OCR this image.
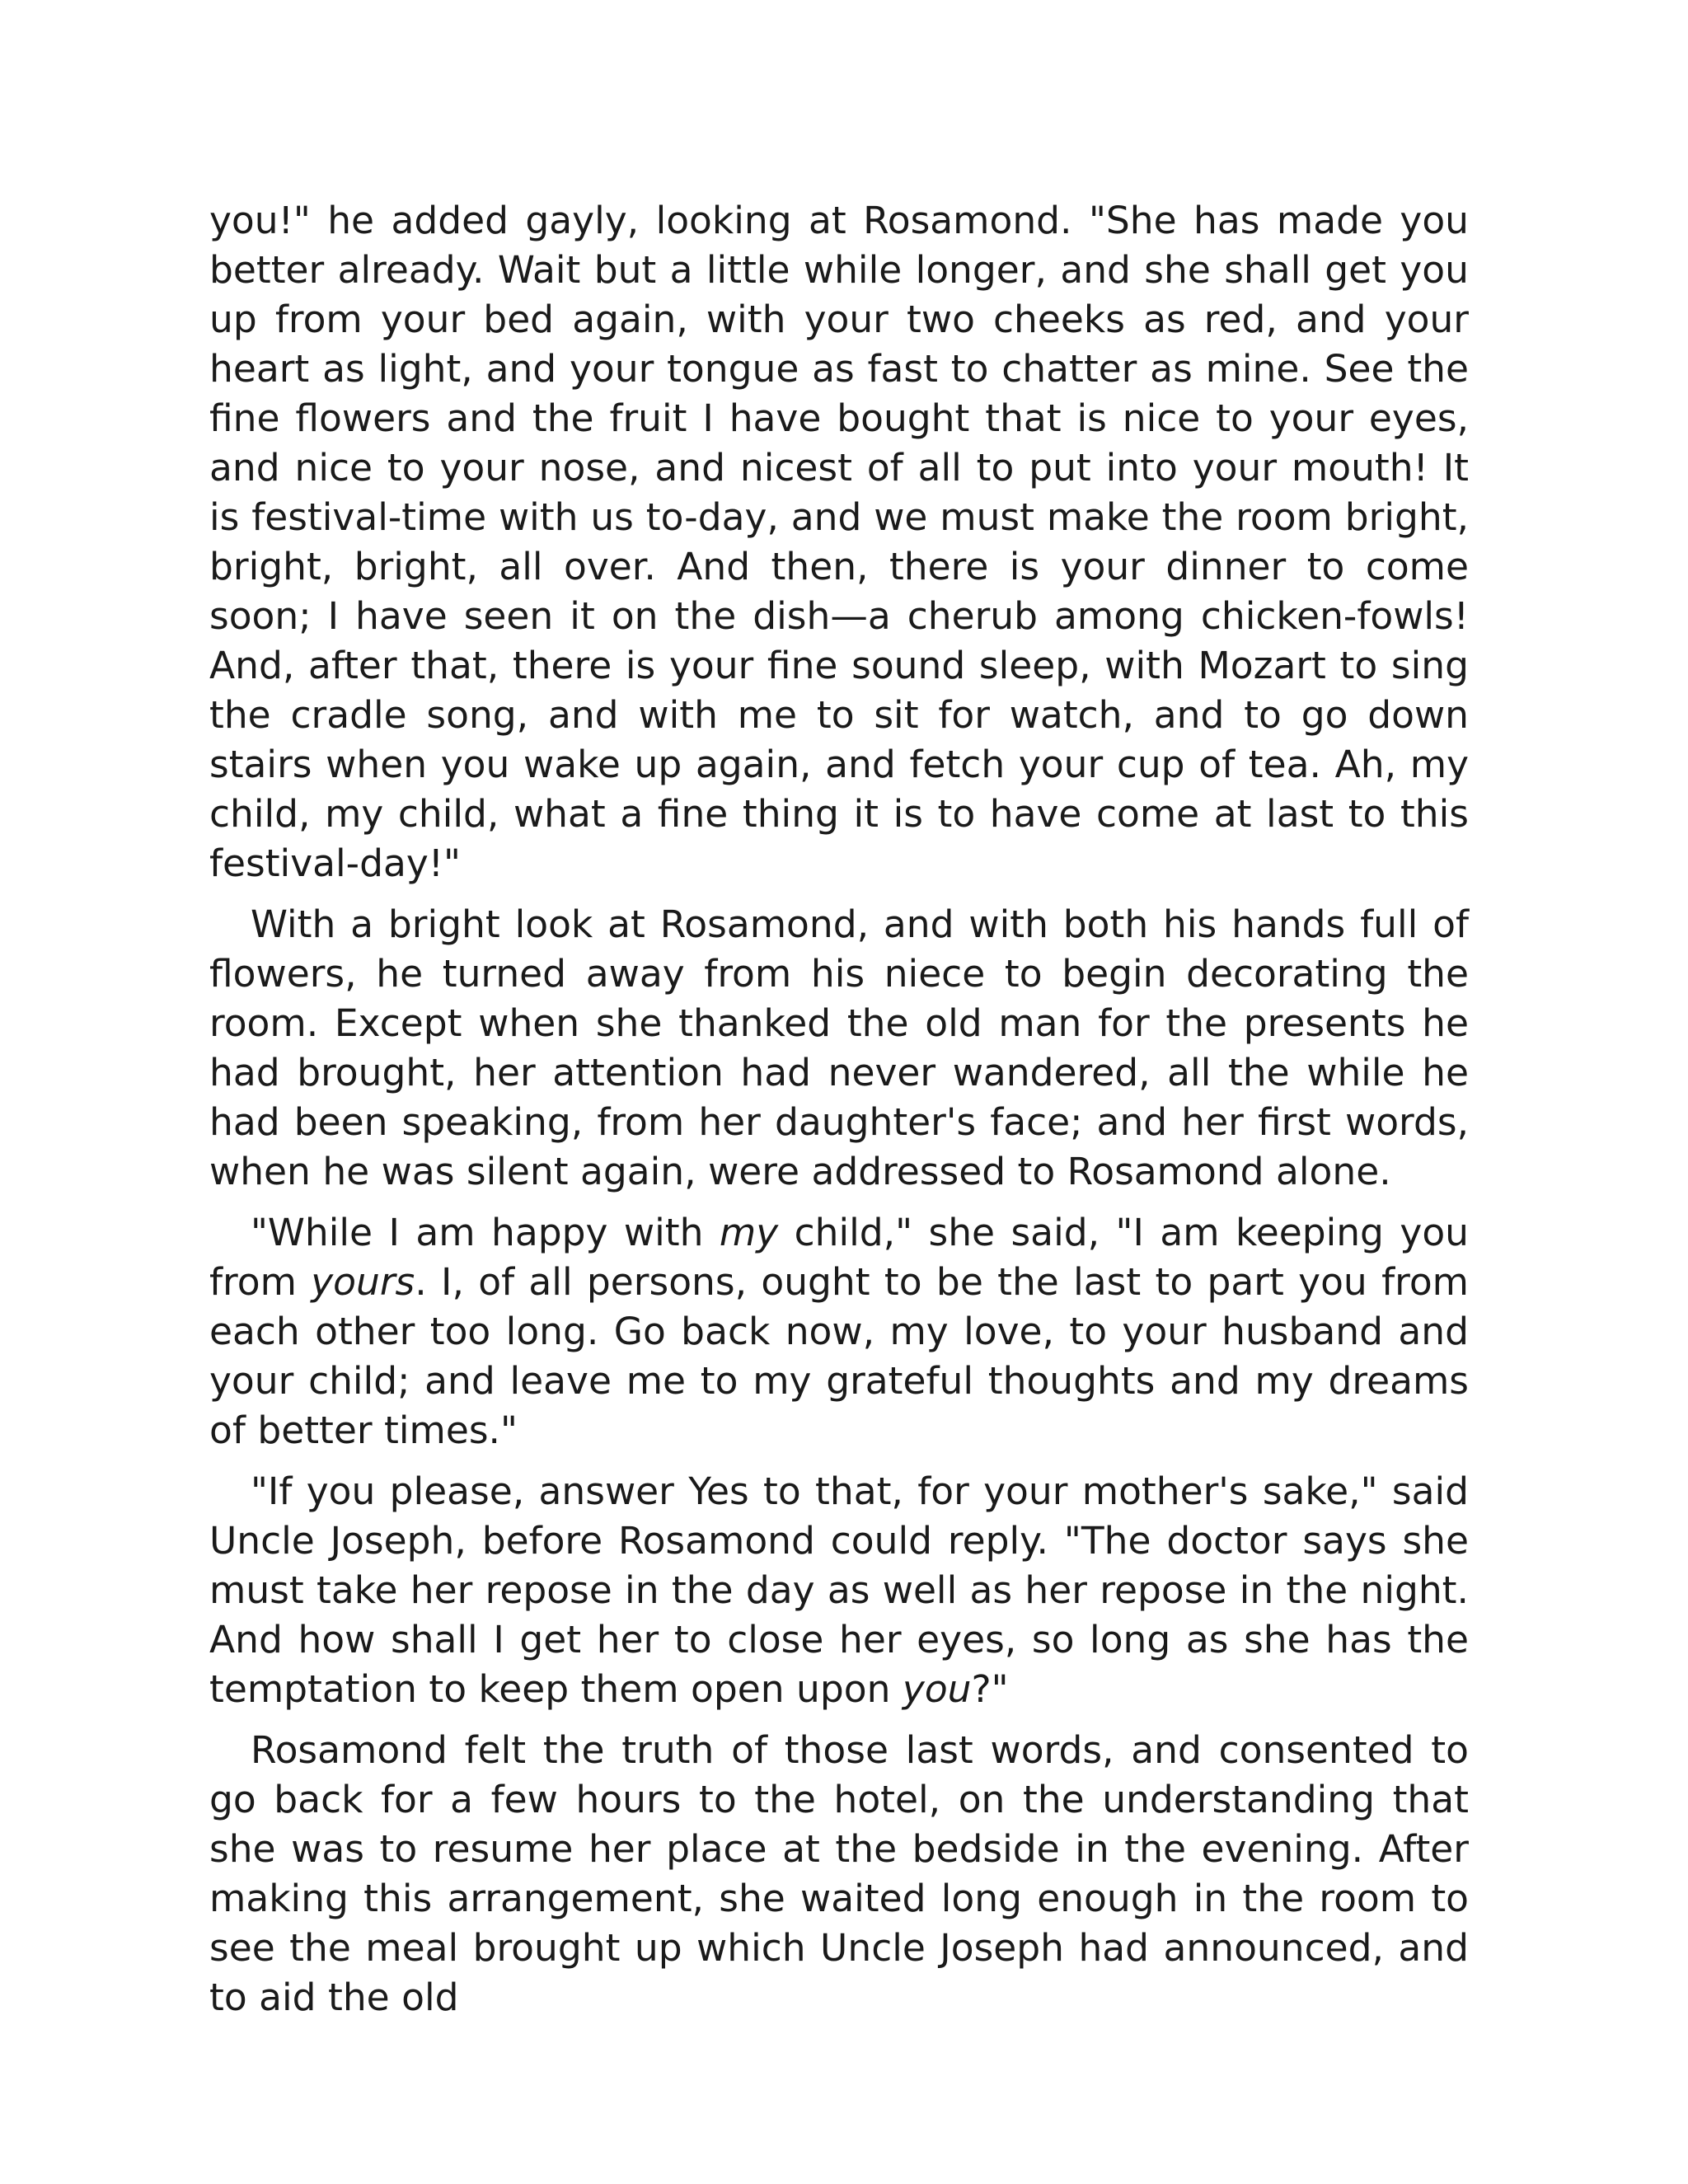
you!" he added gayly, looking at Rosamond. "She has made you better already. Wait but a little while longer, and she shall get you up from your bed again, with your two cheeks as red, and your heart as light, and your tongue as fast to chatter as mine. See the fine flowers and the fruit I have bought that is nice to your eyes, and nice to your nose, and nicest of all to put into your mouth! It is festival-time with us to-day, and we must make the room bright, bright, bright, all over. And then, there is your dinner to come soon; I have seen it on the dish—a cherub among chicken-fowls! And, after that, there is your fine sound sleep, with Mozart to sing the cradle song, and with me to sit for watch, and to go down stairs when you wake up again, and fetch your cup of tea. Ah, my child, my child, what a fine thing it is to have come at last to this festival-day!"

With a bright look at Rosamond, and with both his hands full of flowers, he turned away from his niece to begin decorating the room. Except when she thanked the old man for the presents he had brought, her attention had never wandered, all the while he had been speaking, from her daughter's face; and her first words, when he was silent again, were addressed to Rosamond alone.

"While I am happy with my child," she said, "I am keeping you from yours. I, of all persons, ought to be the last to part you from each other too long. Go back now, my love, to your husband and your child; and leave me to my grateful thoughts and my dreams of better times."

"If you please, answer Yes to that, for your mother's sake," said Uncle Joseph, before Rosamond could reply. "The doctor says she must take her repose in the day as well as her repose in the night. And how shall I get her to close her eyes, so long as she has the temptation to keep them open upon you?"

Rosamond felt the truth of those last words, and consented to go back for a few hours to the hotel, on the understanding that she was to resume her place at the bedside in the evening. After making this arrangement, she waited long enough in the room to see the meal brought up which Uncle Joseph had announced, and to aid the old
